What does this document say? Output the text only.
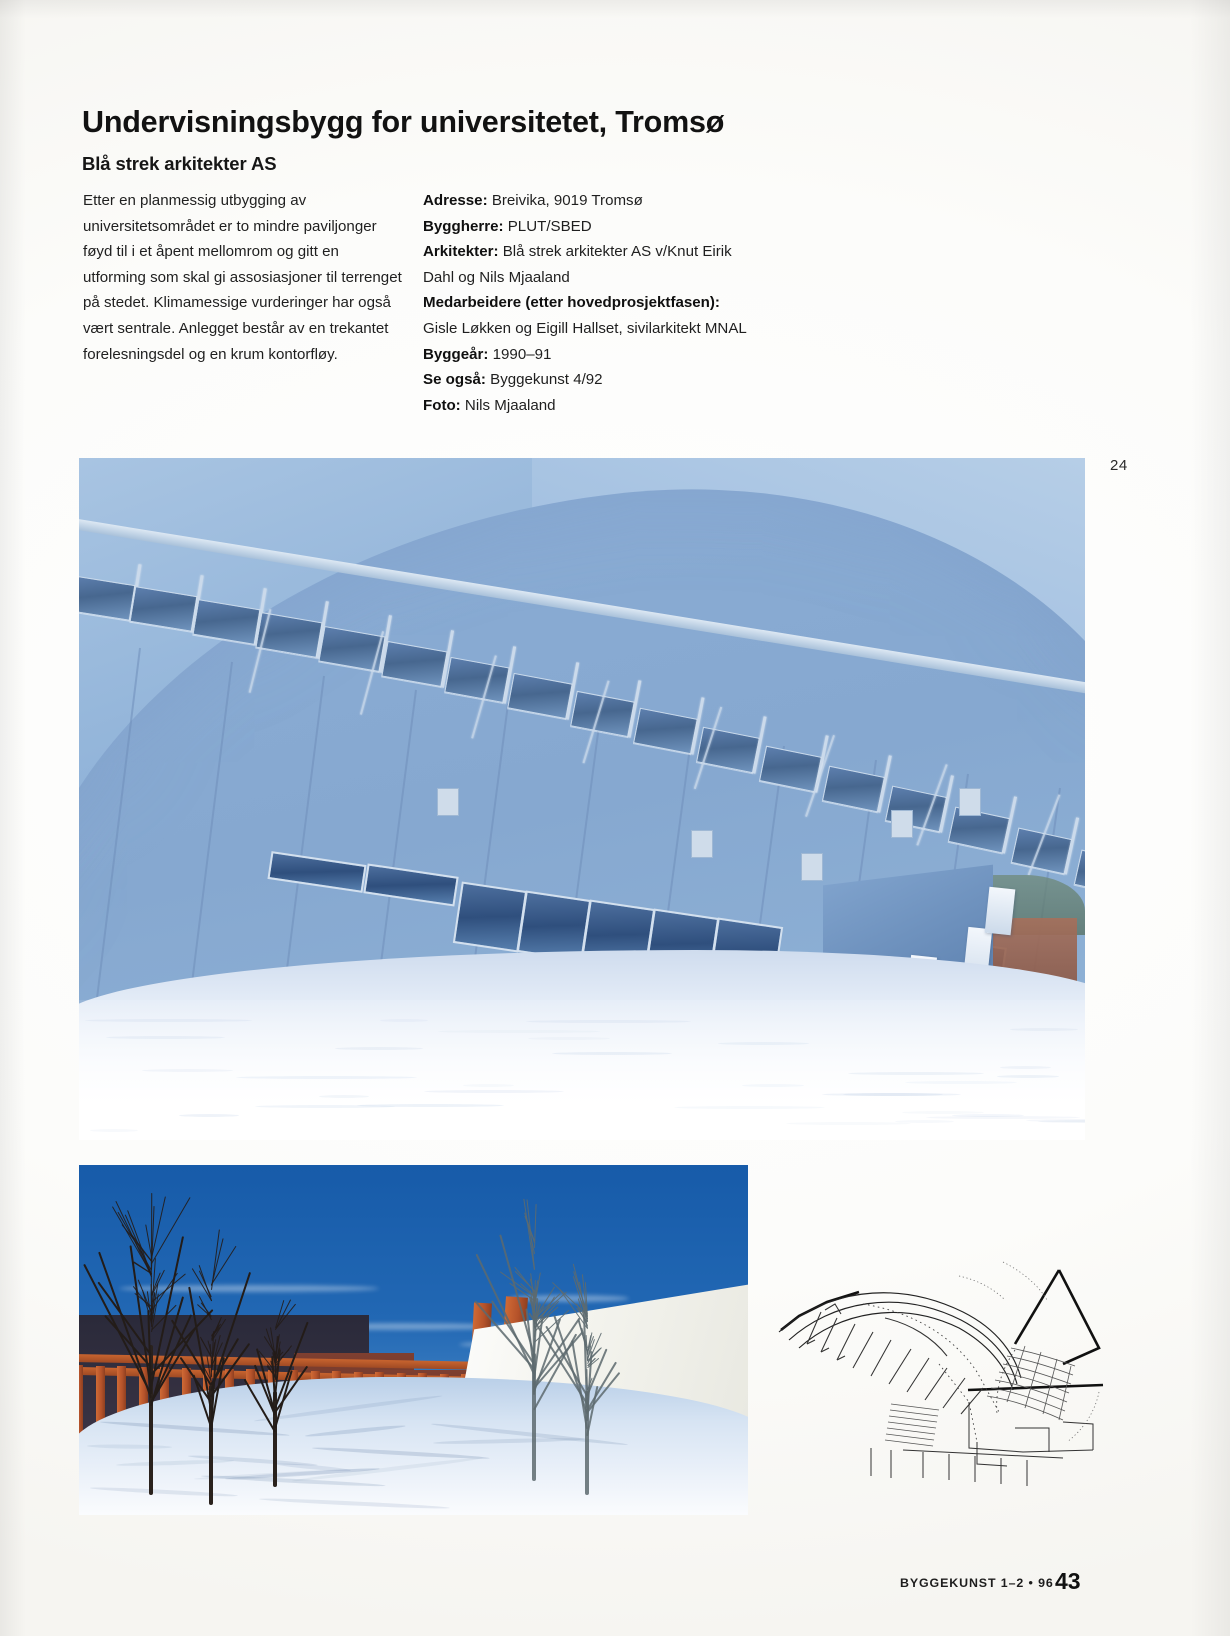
Undervisningsbygg for universitetet, Tromsø
Blå strek arkitekter AS
Etter en planmessig utbygging av universitetsområdet er to mindre paviljonger føyd til i et åpent mellomrom og gitt en utforming som skal gi assosiasjoner til terrenget på stedet. Klimamessige vurderinger har også vært sentrale. Anlegget består av en trekantet forelesningsdel og en krum kontorfløy.
Adresse: Breivika, 9019 Tromsø
Byggherre: PLUT/SBED
Arkitekter: Blå strek arkitekter AS v/Knut Eirik Dahl og Nils Mjaaland
Medarbeidere (etter hovedprosjektfasen): Gisle Løkken og Eigill Hallset, sivilarkitekt MNAL
Byggeår: 1990–91
Se også: Byggekunst 4/92
Foto: Nils Mjaaland
24
BYGGEKUNST 1–2 • 96 43
